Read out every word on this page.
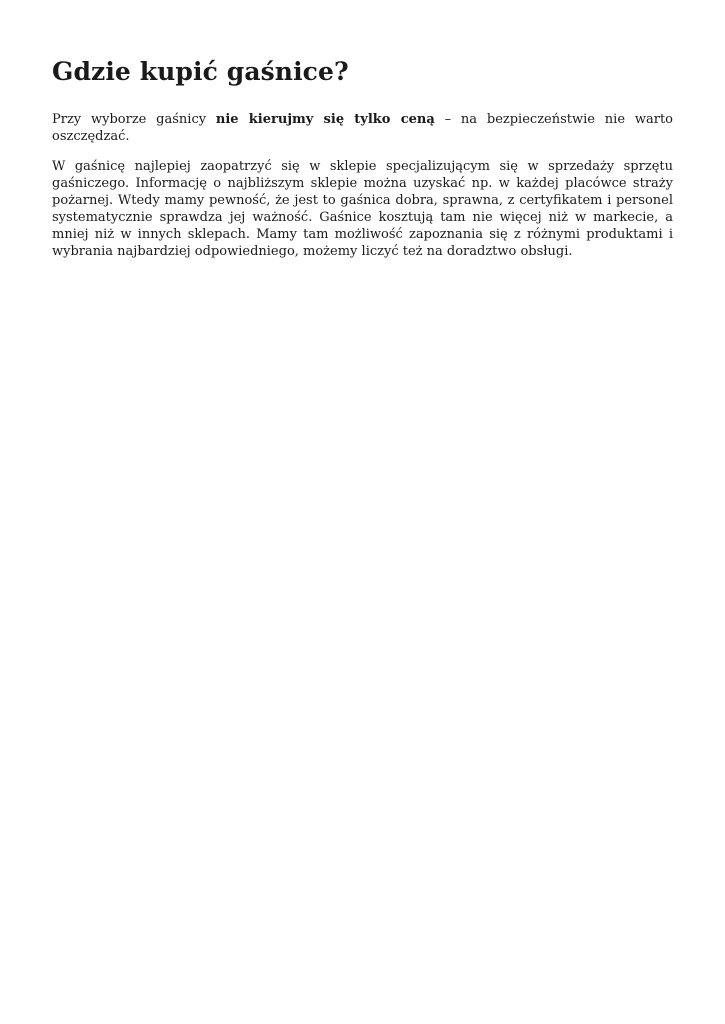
Gdzie kupić gaśnice?

Przy wyborze gaśnicy nie kierujmy się tylko ceną – na bezpieczeństwie nie warto oszczędzać.

W gaśnicę najlepiej zaopatrzyć się w sklepie specjalizującym się w sprzedaży sprzętu gaśniczego. Informację o najbliższym sklepie można uzyskać np. w każdej placówce straży pożarnej. Wtedy mamy pewność, że jest to gaśnica dobra, sprawna, z certyfikatem i personel systematycznie sprawdza jej ważność. Gaśnice kosztują tam nie więcej niż w markecie, a mniej niż w innych sklepach. Mamy tam możliwość zapoznania się z różnymi produktami i wybrania najbardziej odpowiedniego, możemy liczyć też na doradztwo obsługi.
